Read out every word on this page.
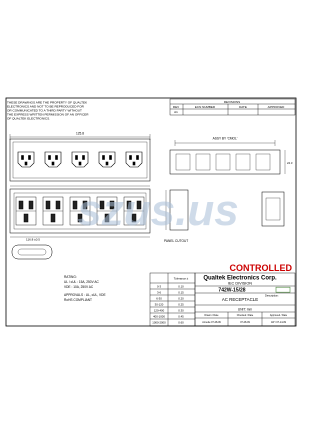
THESE DRAWINGS ARE THE PROPERTY OF QUALTEK
ELECTRONICS AND NOT TO BE REPRODUCED FOR
OR COMMUNICATED TO A THIRD PARTY WITHOUT
THE EXPRESS WRITTEN PERMISSION OF AN OFFICER
OF QUALTEK ELECTRONICS.
REVISIONS
REV	ECN NUMBER	DATE	APPROVED
A1
125.8
116.8 ±0.5
ASSY BY 'CMOL'
24.3
PANEL CUTOUT
szus.us
RATING:
UL / cUL : 15A, 250V AC
VDE : 10A, 250V AC
APPROVALS : UL, cUL, VDE
RoHS COMPLIANT
CONTROLLED
Tolerance ±
0-3	0.10
3-6	0.15
6-30	0.20
30-120	0.25
120-400	0.30
400-1000	0.45
1000-2000	0.60
Qualtek Electronics Corp.
IEC DIVISION
742W-15/28
Description:
AC RECEPTACLE
UNIT: mm
Drawn / Date	Checked / Date	Approved / Date
Annette 07-28-09	07-28-09	JW / 07-14-09
